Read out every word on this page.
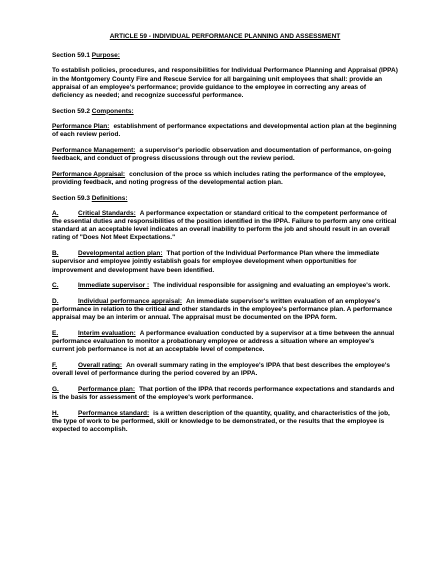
ARTICLE 59 - INDIVIDUAL PERFORMANCE PLANNING AND ASSESSMENT
Section 59.1 Purpose:
To establish policies, procedures, and responsibilities for Individual Performance Planning and Appraisal (IPPA) in the Montgomery County Fire and Rescue Service for all bargaining unit employees that shall: provide an appraisal of an employee's performance; provide guidance to the employee in correcting any areas of deficiency as needed; and recognize successful performance.
Section 59.2 Components:
Performance Plan: establishment of performance expectations and developmental action plan at the beginning of each review period.
Performance Management: a supervisor's periodic observation and documentation of performance, on-going feedback, and conduct of progress discussions through out the review period.
Performance Appraisal: conclusion of the proce ss which includes rating the performance of the employee, providing feedback, and noting progress of the developmental action plan.
Section 59.3 Definitions:
A.	Critical Standards: A performance expectation or standard critical to the competent performance of the essential duties and responsibilities of the position identified in the IPPA. Failure to perform any one critical standard at an acceptable level indicates an overall inability to perform the job and should result in an overall rating of "Does Not Meet Expectations."
B.	Developmental action plan: That portion of the Individual Performance Plan where the immediate supervisor and employee jointly establish goals for employee development when opportunities for improvement and development have been identified.
C.	Immediate supervisor : The individual responsible for assigning and evaluating an employee's work.
D.	Individual performance appraisal: An immediate supervisor's written evaluation of an employee's performance in relation to the critical and other standards in the employee's performance plan. A performance appraisal may be an interim or annual. The appraisal must be documented on the IPPA form.
E.	Interim evaluation: A performance evaluation conducted by a supervisor at a time between the annual performance evaluation to monitor a probationary employee or address a situation where an employee's current job performance is not at an acceptable level of competence.
F.	Overall rating: An overall summary rating in the employee's IPPA that best describes the employee's overall level of performance during the period covered by an IPPA.
G.	Performance plan: That portion of the IPPA that records performance expectations and standards and is the basis for assessment of the employee's work performance.
H.	Performance standard: is a written description of the quantity, quality, and characteristics of the job, the type of work to be performed, skill or knowledge to be demonstrated, or the results that the employee is expected to accomplish.
